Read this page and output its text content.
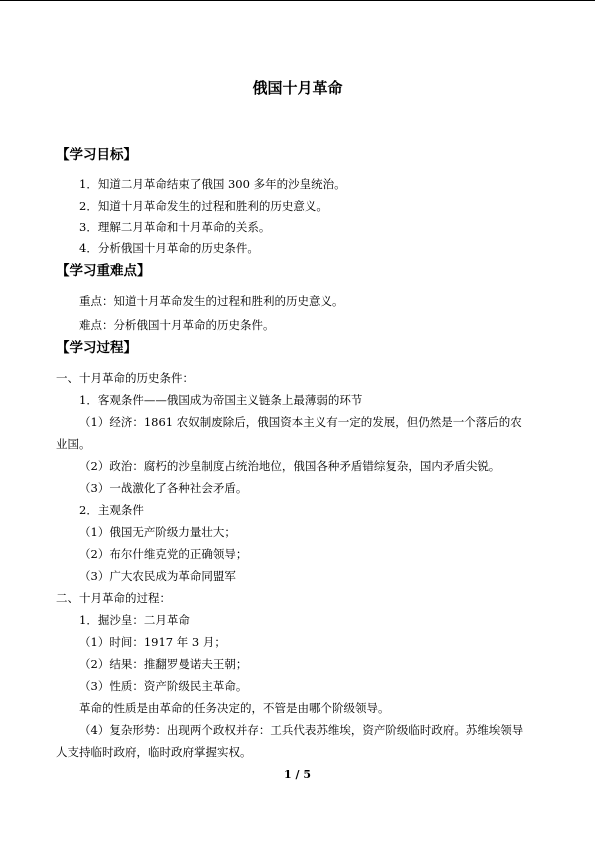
俄国十月革命
【学习目标】
1．知道二月革命结束了俄国 300 多年的沙皇统治。
2．知道十月革命发生的过程和胜利的历史意义。
3．理解二月革命和十月革命的关系。
4．分析俄国十月革命的历史条件。
【学习重难点】
重点：知道十月革命发生的过程和胜利的历史意义。
难点：分析俄国十月革命的历史条件。
【学习过程】
一、十月革命的历史条件：
1．客观条件——俄国成为帝国主义链条上最薄弱的环节
（1）经济：1861 农奴制废除后，俄国资本主义有一定的发展，但仍然是一个落后的农
业国。
（2）政治：腐朽的沙皇制度占统治地位，俄国各种矛盾错综复杂，国内矛盾尖锐。
（3）一战激化了各种社会矛盾。
2．主观条件
（1）俄国无产阶级力量壮大；
（2）布尔什维克党的正确领导；
（3）广大农民成为革命同盟军
二、十月革命的过程：
1．掘沙皇：二月革命
（1）时间：1917 年 3 月；
（2）结果：推翻罗曼诺夫王朝；
（3）性质：资产阶级民主革命。
革命的性质是由革命的任务决定的，不管是由哪个阶级领导。
（4）复杂形势：出现两个政权并存：工兵代表苏维埃，资产阶级临时政府。苏维埃领导
人支持临时政府，临时政府掌握实权。
1 / 5
